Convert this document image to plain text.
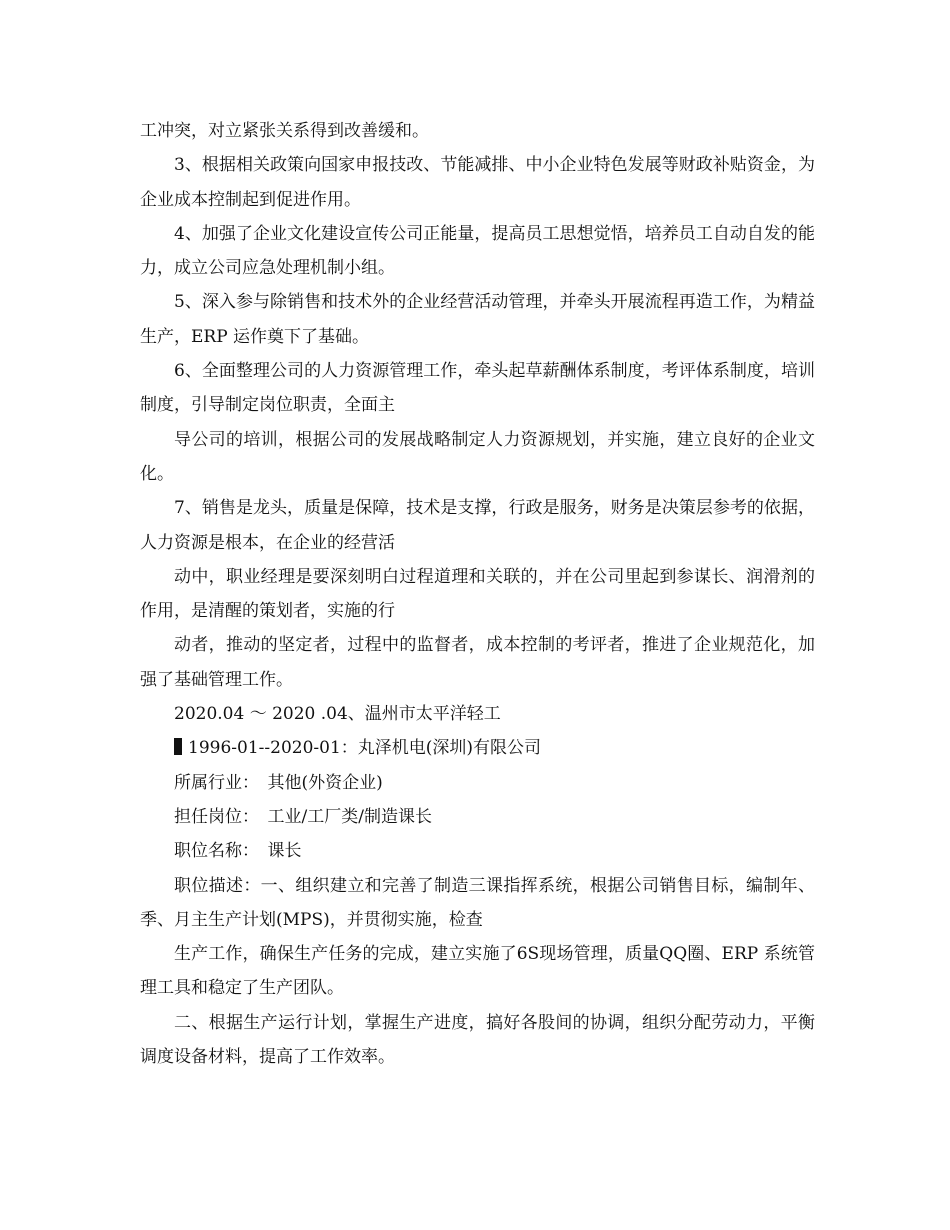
工冲突，对立紧张关系得到改善缓和。

3、根据相关政策向国家申报技改、节能减排、中小企业特色发展等财政补贴资金，为企业成本控制起到促进作用。

4、加强了企业文化建设宣传公司正能量，提高员工思想觉悟，培养员工自动自发的能力，成立公司应急处理机制小组。

5、深入参与除销售和技术外的企业经营活动管理，并牵头开展流程再造工作，为精益生产，ERP 运作奠下了基础。

6、全面整理公司的人力资源管理工作，牵头起草薪酬体系制度，考评体系制度，培训制度，引导制定岗位职责，全面主

导公司的培训，根据公司的发展战略制定人力资源规划，并实施，建立良好的企业文化。

7、销售是龙头，质量是保障，技术是支撑，行政是服务，财务是决策层参考的依据，人力资源是根本，在企业的经营活

动中，职业经理是要深刻明白过程道理和关联的，并在公司里起到参谋长、润滑剂的作用，是清醒的策划者，实施的行

动者，推动的坚定者，过程中的监督者，成本控制的考评者，推进了企业规范化，加强了基础管理工作。

2020.04 ～ 2020 .04、温州市太平洋轻工

1996-01--2020-01：丸泽机电(深圳)有限公司

所属行业：　其他(外资企业)

担任岗位：　工业/工厂类/制造课长

职位名称：　课长

职位描述：一、组织建立和完善了制造三课指挥系统，根据公司销售目标，编制年、季、月主生产计划(MPS)，并贯彻实施，检查

生产工作，确保生产任务的完成，建立实施了6S现场管理，质量QQ圈、ERP 系统管理工具和稳定了生产团队。

二、根据生产运行计划，掌握生产进度，搞好各股间的协调，组织分配劳动力，平衡调度设备材料，提高了工作效率。
